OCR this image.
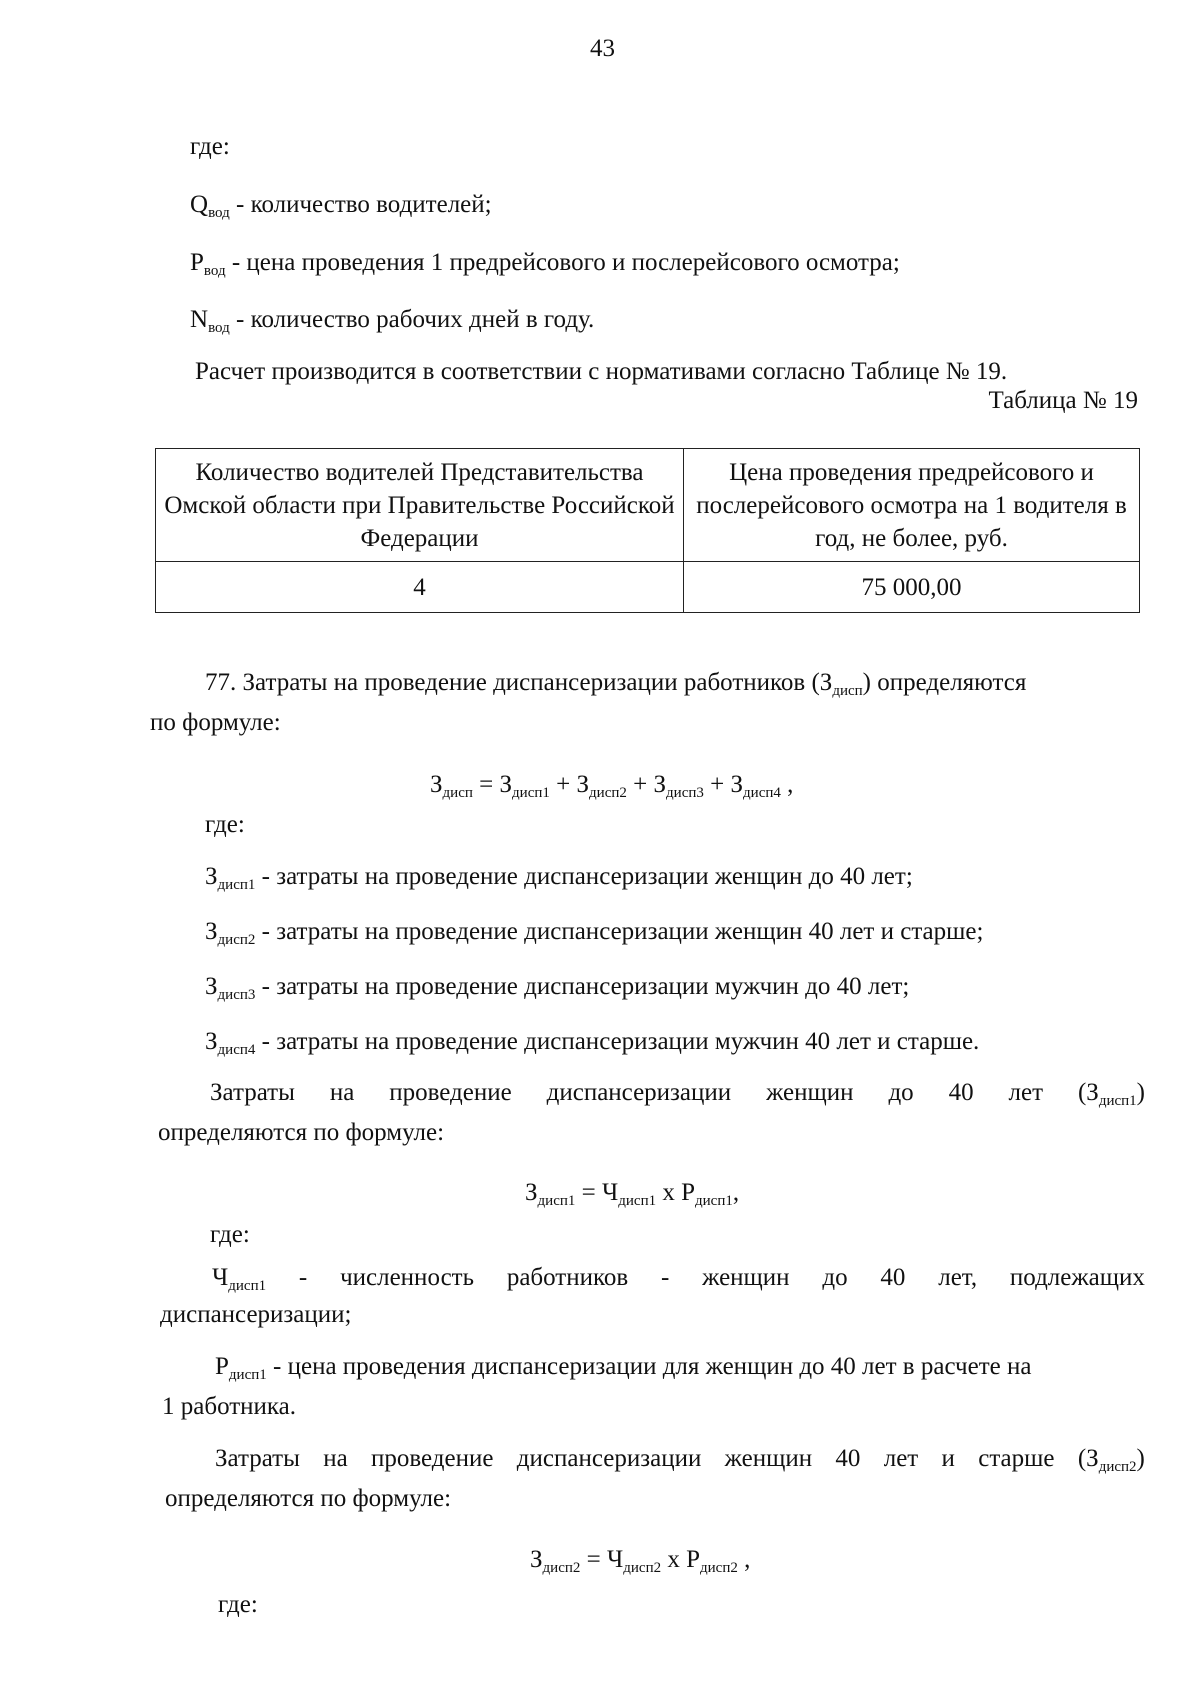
43
где:
$Q_{вод}$ - количество водителей;
$P_{вод}$ - цена проведения 1 предрейсового и послерейсового осмотра;
$N_{вод}$ - количество рабочих дней в году.
Расчет производится в соответствии с нормативами согласно Таблице № 19.
Таблица № 19
Количество водителей Представительства Омской области при Правительстве Российской Федерации	Цена проведения предрейсового и послерейсового осмотра на 1 водителя в год, не более, руб.
4	75 000,00
77. Затраты на проведение диспансеризации работников $(З_{дисп})$ определяются
по формуле:
$З_{дисп} = З_{дисп1} + З_{дисп2} + З_{дисп3} + З_{дисп4}$ ,
где:
$З_{дисп1}$ - затраты на проведение диспансеризации женщин до 40 лет;
$З_{дисп2}$ - затраты на проведение диспансеризации женщин 40 лет и старше;
$З_{дисп3}$ - затраты на проведение диспансеризации мужчин до 40 лет;
$З_{дисп4}$ - затраты на проведение диспансеризации мужчин 40 лет и старше.
Затраты на проведение диспансеризации женщин до 40 лет $(З_{дисп1})$
определяются по формуле:
$З_{дисп1} = Ч_{дисп1}$ х $Р_{дисп1}$,
где:
$Ч_{дисп1}$ - численность работников - женщин до 40 лет, подлежащих
диспансеризации;
$Р_{дисп1}$ - цена проведения диспансеризации для женщин до 40 лет в расчете на
1 работника.
Затраты на проведение диспансеризации женщин 40 лет и старше $(З_{дисп2})$
определяются по формуле:
$З_{дисп2} = Ч_{дисп2}$ х $Р_{дисп2}$ ,
где:
